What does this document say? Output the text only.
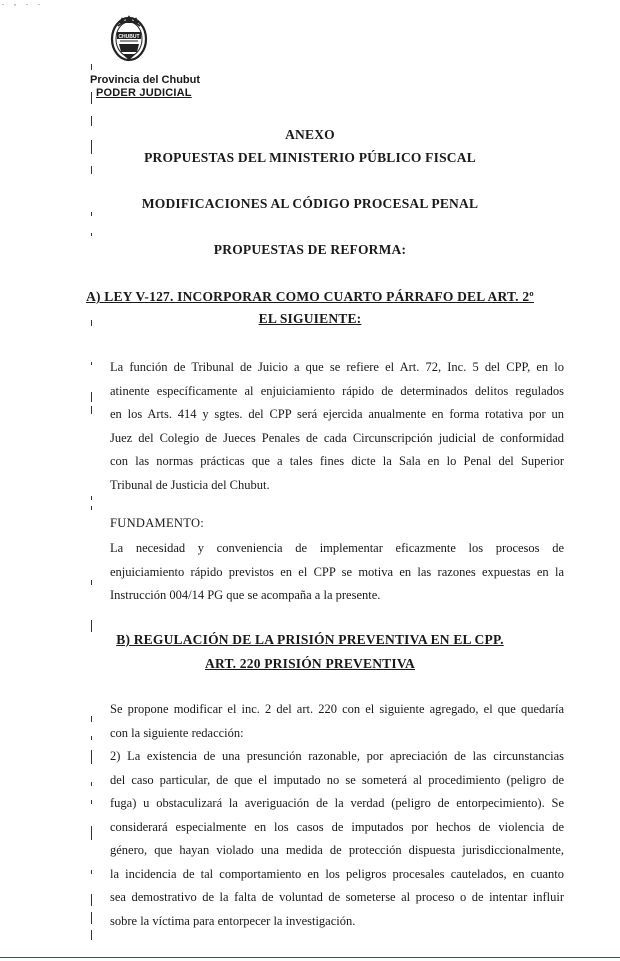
. , . .
CHUBUT
Provincia del Chubut
PODER JUDICIAL
ANEXO
PROPUESTAS DEL MINISTERIO PÚBLICO FISCAL
MODIFICACIONES AL CÓDIGO PROCESAL PENAL
PROPUESTAS DE REFORMA:
A) LEY V-127. INCORPORAR COMO CUARTO PÁRRAFO DEL ART. 2º
EL SIGUIENTE:
La función de Tribunal de Juicio a que se refiere el Art. 72, Inc. 5 del CPP, en lo
atinente específicamente al enjuiciamiento rápido de determinados delitos regulados
en los Arts. 414 y sgtes. del CPP será ejercida anualmente en forma rotativa por un
Juez del Colegio de Jueces Penales de cada Circunscripción judicial de conformidad
con las normas prácticas que a tales fines dicte la Sala en lo Penal del Superior
Tribunal de Justicia del Chubut.
FUNDAMENTO:
La necesidad y conveniencia de implementar eficazmente los procesos de
enjuiciamiento rápido previstos en el CPP se motiva en las razones expuestas en la
Instrucción 004/14 PG que se acompaña a la presente.
B) REGULACIÓN DE LA PRISIÓN PREVENTIVA EN EL CPP.
ART. 220 PRISIÓN PREVENTIVA
Se propone modificar el inc. 2 del art. 220 con el siguiente agregado, el que quedaría
con la siguiente redacción:
2) La existencia de una presunción razonable, por apreciación de las circunstancias
del caso particular, de que el imputado no se someterá al procedimiento (peligro de
fuga) u obstaculizará la averiguación de la verdad (peligro de entorpecimiento). Se
considerará especialmente en los casos de imputados por hechos de violencia de
género, que hayan violado una medida de protección dispuesta jurisdiccionalmente,
la incidencia de tal comportamiento en los peligros procesales cautelados, en cuanto
sea demostrativo de la falta de voluntad de someterse al proceso o de intentar influir
sobre la víctima para entorpecer la investigación.
